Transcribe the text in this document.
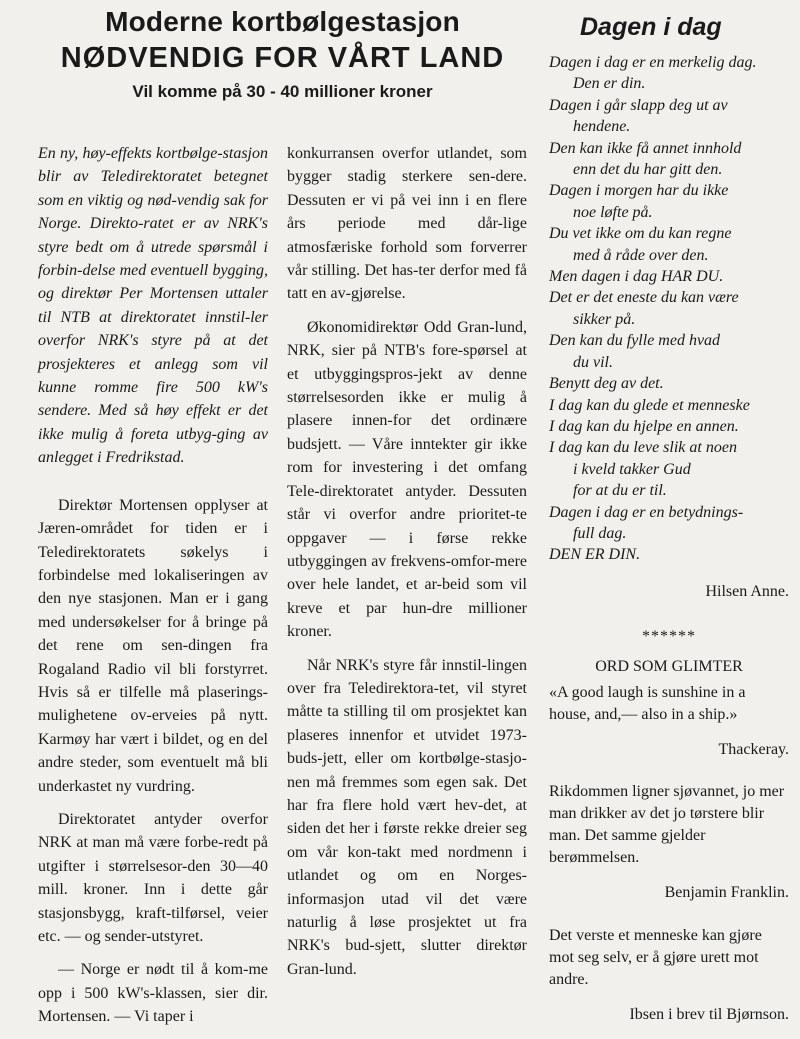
Moderne kortbølgestasjon
NØDVENDIG FOR VÅRT LAND
Vil komme på 30 - 40 millioner kroner

En ny, høy-effekts kortbølge-stasjon blir av Teledirektoratet betegnet som en viktig og nød-vendig sak for Norge. Direkto-ratet er av NRK's styre bedt om å utrede spørsmål i forbin-delse med eventuell bygging, og direktør Per Mortensen uttaler til NTB at direktoratet innstil-ler overfor NRK's styre på at det prosjekteres et anlegg som vil kunne romme fire 500 kW's sendere. Med så høy effekt er det ikke mulig å foreta utbyg-ging av anlegget i Fredrikstad.

Direktør Mortensen opplyser at Jæren-området for tiden er i Teledirektoratets søkelys i forbindelse med lokaliseringen av den nye stasjonen. Man er i gang med undersøkelser for å bringe på det rene om sen-dingen fra Rogaland Radio vil bli forstyrret. Hvis så er tilfelle må plaserings-mulighetene ov-erveies på nytt. Karmøy har vært i bildet, og en del andre steder, som eventuelt må bli underkastet ny vurdring.

Direktoratet antyder overfor NRK at man må være forbe-redt på utgifter i størrelsesor-den 30—40 mill. kroner. Inn i dette går stasjonsbygg, kraft-tilførsel, veier etc. — og sender-utstyret.

— Norge er nødt til å kom-me opp i 500 kW's-klassen, sier dir. Mortensen. — Vi taper i

konkurransen overfor utlandet, som bygger stadig sterkere sen-dere. Dessuten er vi på vei inn i en flere års periode med dår-lige atmosfæriske forhold som forverrer vår stilling. Det has-ter derfor med få tatt en av-gjørelse.

Økonomidirektør Odd Gran-lund, NRK, sier på NTB's fore-spørsel at et utbyggingspros-jekt av denne størrelsesorden ikke er mulig å plasere innen-for det ordinære budsjett. — Våre inntekter gir ikke rom for investering i det omfang Tele-direktoratet antyder. Dessuten står vi overfor andre prioritet-te oppgaver — i førse rekke utbyggingen av frekvens-omfor-mere over hele landet, et ar-beid som vil kreve et par hun-dre millioner kroner.

Når NRK's styre får innstil-lingen over fra Teledirektora-tet, vil styret måtte ta stilling til om prosjektet kan plaseres innenfor et utvidet 1973-buds-jett, eller om kortbølge-stasjo-nen må fremmes som egen sak. Det har fra flere hold vært hev-det, at siden det her i første rekke dreier seg om vår kon-takt med nordmenn i utlandet og om en Norges-informasjon utad vil det være naturlig å løse prosjektet ut fra NRK's bud-sjett, slutter direktør Gran-lund.

Dagen i dag

Dagen i dag er en merkelig dag.

Den er din.

Dagen i går slapp deg ut av

hendene.

Den kan ikke få annet innhold

enn det du har gitt den.

Dagen i morgen har du ikke

noe løfte på.

Du vet ikke om du kan regne

med å råde over den.

Men dagen i dag HAR DU.

Det er det eneste du kan være

sikker på.

Den kan du fylle med hvad

du vil.

Benytt deg av det.

I dag kan du glede et menneske

I dag kan du hjelpe en annen.

I dag kan du leve slik at noen

i kveld takker Gud

for at du er til.

Dagen i dag er en betydnings-

full dag.

DEN ER DIN.

Hilsen Anne.

******

ORD SOM GLIMTER

«A good laugh is sunshine in a house, and,— also in a ship.»

Thackeray.

Rikdommen ligner sjøvannet, jo mer man drikker av det jo tørstere blir man. Det samme gjelder berømmelsen.

Benjamin Franklin.

Det verste et menneske kan gjøre mot seg selv, er å gjøre urett mot andre.

Ibsen i brev til Bjørnson.
